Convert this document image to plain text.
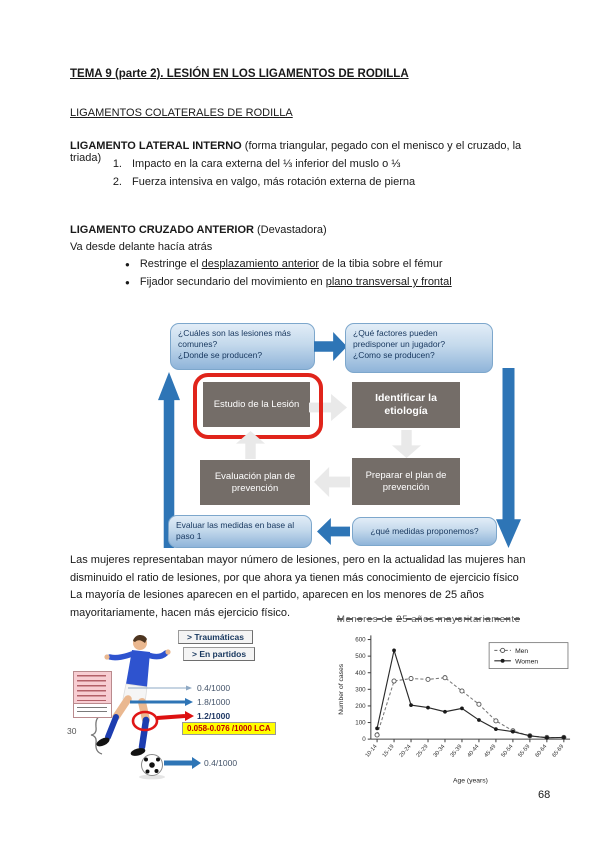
TEMA 9 (parte 2). LESIÓN EN LOS LIGAMENTOS DE RODILLA
LIGAMENTOS COLATERALES DE RODILLA
LIGAMENTO LATERAL INTERNO (forma triangular, pegado con el menisco y el cruzado, la triada)	1. Impacto en la cara externa del ⅓ inferior del muslo o ⅓
2. Fuerza intensiva en valgo, más rotación externa de pierna
LIGAMENTO CRUZADO ANTERIOR (Devastadora)
Va desde delante hacía atrás
● Restringe el desplazamiento anterior de la tibia sobre el fémur
● Fijador secundario del movimiento en plano transversal y frontal
¿Cuáles son las lesiones más
comunes?
¿Donde se producen?
¿Qué factores pueden
predisponer un jugador?
¿Como se producen?
Estudio de la Lesión	Identificar la etiología
Evaluación plan de prevención
Preparar el plan de prevención
Evaluar las medidas en base al paso 1	¿qué medidas proponemos?
Las mujeres representaban mayor número de lesiones, pero en la actualidad las mujeres han
disminuido el ratio de lesiones, por que ahora ya tienen más conocimiento de ejercicio físico
La mayoría de lesiones aparecen en el partido, aparecen en los menores de 25 años
mayoritariamente, hacen más ejercicio físico.
> Traumáticas
> En partidos
30
0.4/1000
1.8/1000
1.2/1000
0.058-0.076 /1000 LCA
0.4/1000
Menores de 25 años mayoritariamente
0
100
200
300
400
500
600
10-14 15-19 20-24 25-29 30-34 35-39 40-44 45-49 50-54 55-59 60-64 65-69
Men
Women
Number of cases
Age (years)
68
